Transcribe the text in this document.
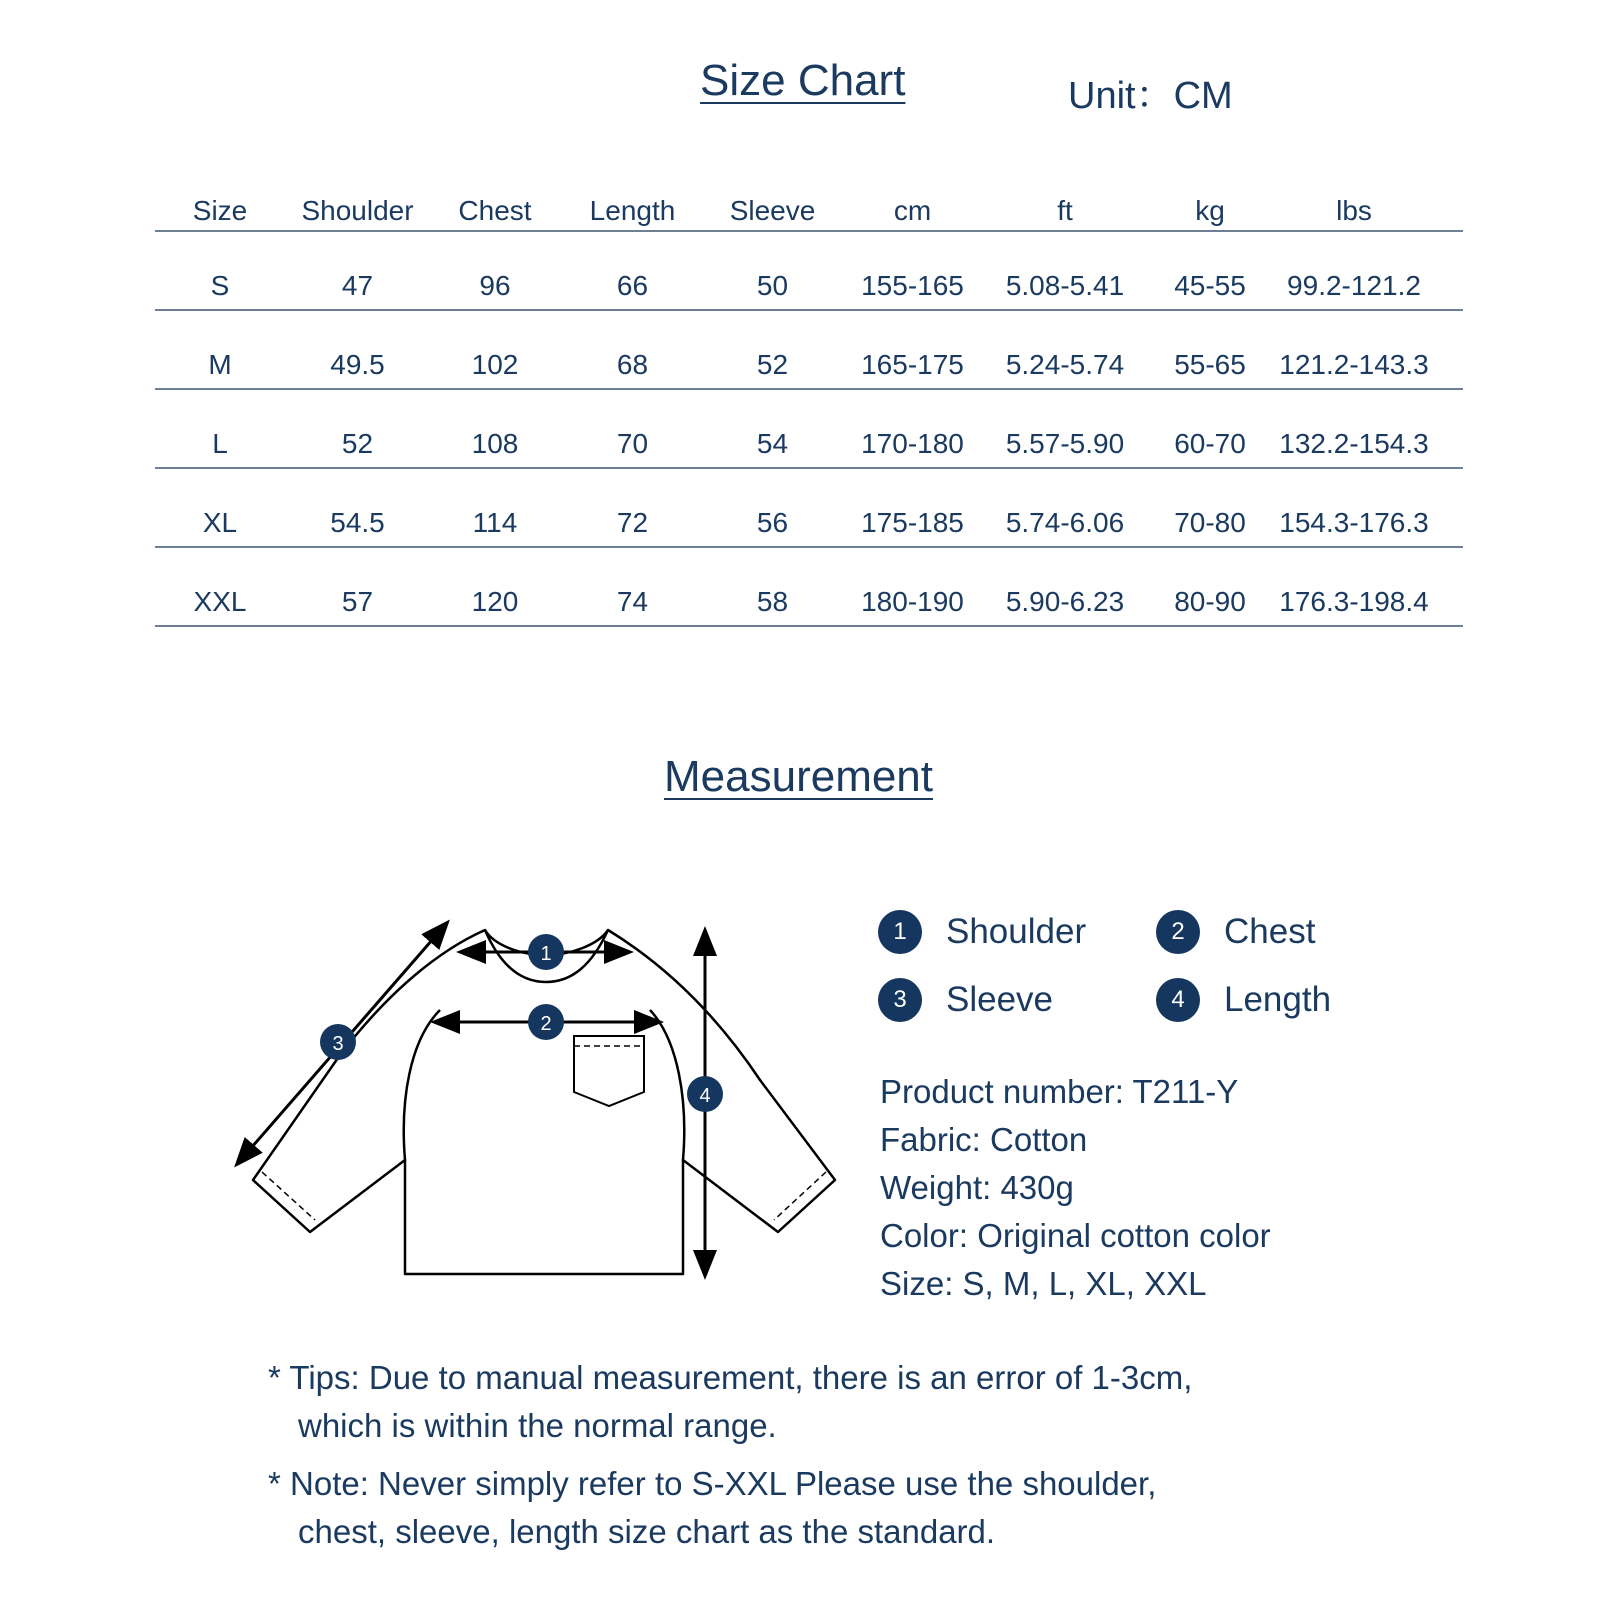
Size Chart	Unit：CM
Size	Shoulder	Chest	Length	Sleeve	cm	ft	kg	lbs
S	47	96	66	50	155-165	5.08-5.41	45-55	99.2-121.2
M	49.5	102	68	52	165-175	5.24-5.74	55-65	121.2-143.3
L	52	108	70	54	170-180	5.57-5.90	60-70	132.2-154.3
XL	54.5	114	72	56	175-185	5.74-6.06	70-80	154.3-176.3
XXL	57	120	74	58	180-190	5.90-6.23	80-90	176.3-198.4
Measurement
1
2
3
4
1	Shoulder	2	Chest
3	Sleeve	4	Length
Product number: T211-Y
Fabric: Cotton
Weight: 430g
Color: Original cotton color
Size: S, M, L, XL, XXL
* Tips: Due to manual measurement, there is an error of 1-3cm,
which is within the normal range.
* Note: Never simply refer to S-XXL Please use the shoulder,
chest, sleeve, length size chart as the standard.
